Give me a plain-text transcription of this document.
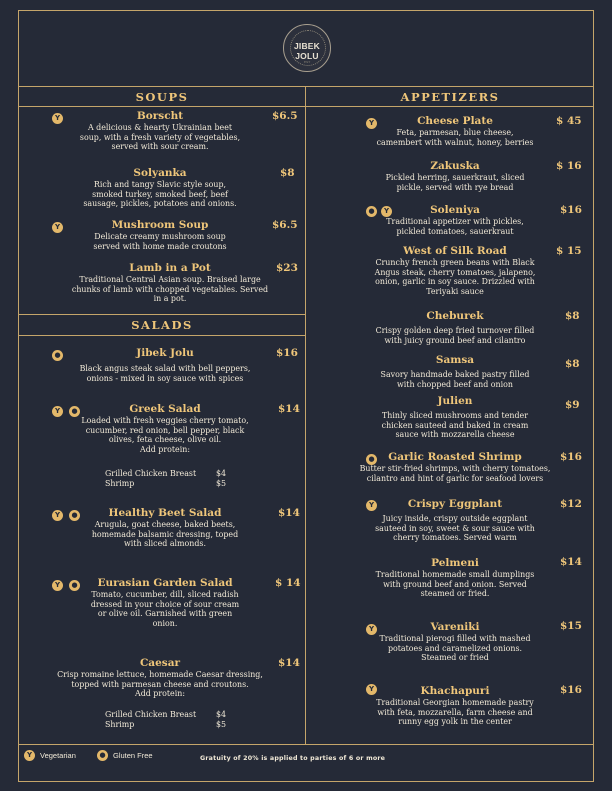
JIBEK JOLU
EST
SOUPS	APPETIZERS
SALADS
Y	Borscht
A delicious & hearty Ukrainian beet
soup, with a fresh variety of vegetables,
served with sour cream.
$6.5
Solyanka
Rich and tangy Slavic style soup,
smoked turkey, smoked beef, beef
sausage, pickles, potatoes and onions.
$8
Y	Mushroom Soup
Delicate creamy mushroom soup
served with home made croutons
$6.5
Lamb in a Pot
Traditional Central Asian soup. Braised large
chunks of lamb with chopped vegetables. Served
in a pot.
$23
●	Jibek Jolu
Black angus steak salad with bell peppers,
onions - mixed in soy sauce with spices
$16
Y	●	Greek Salad
Loaded with fresh veggies cherry tomato,
cucumber, red onion, bell pepper, black
olives, feta cheese, olive oil.
Add protein:
$14
Grilled Chicken Breast	$4
Shrimp	$5
Y	●	Healthy Beet Salad
Arugula, goat cheese, baked beets,
homemade balsamic dressing, toped
with sliced almonds.
$14
Y	●	Eurasian Garden Salad
Tomato, cucumber, dill, sliced radish
dressed in your choice of sour cream
or olive oil. Garnished with green
onion.
$ 14
Caesar
Crisp romaine lettuce, homemade Caesar dressing,
topped with parmesan cheese and croutons.
Add protein:
$14
Grilled Chicken Breast	$4
Shrimp	$5
Y	Cheese Plate
Feta, parmesan, blue cheese,
camembert with walnut, honey, berries
$ 45
Zakuska
Pickled herring, sauerkraut, sliced
pickle, served with rye bread
$ 16
●	Y	Soleniya
Traditional appetizer with pickles,
pickled tomatoes, sauerkraut
$16
West of Silk Road
Crunchy french green beans with Black
Angus steak, cherry tomatoes, jalapeno,
onion, garlic in soy sauce. Drizzled with
Teriyaki sauce
$ 15
Cheburek
Crispy golden deep fried turnover filled
with juicy ground beef and cilantro
$8
Samsa
Savory handmade baked pastry filled
with chopped beef and onion
$8
Julien
Thinly sliced mushrooms and tender
chicken sauteed and baked in cream
sauce with mozzarella cheese
$9
●	Garlic Roasted Shrimp
Butter stir-fried shrimps, with cherry tomatoes,
cilantro and hint of garlic for seafood lovers
$16
Y	Crispy Eggplant
Juicy inside, crispy outside eggplant
sauteed in soy, sweet & sour sauce with
cherry tomatoes. Served warm
$12
Pelmeni
Traditional homemade small dumplings
with ground beef and onion. Served
steamed or fried.
$14
Y	Vareniki
Traditional pierogi filled with mashed
potatoes and caramelized onions.
Steamed or fried
$15
Y	Khachapuri
Traditional Georgian homemade pastry
with feta, mozzarella, farm cheese and
runny egg yolk in the center
$16
Y	Vegetarian	● Gluten Free	Gratuity of 20% is applied to parties of 6 or more
